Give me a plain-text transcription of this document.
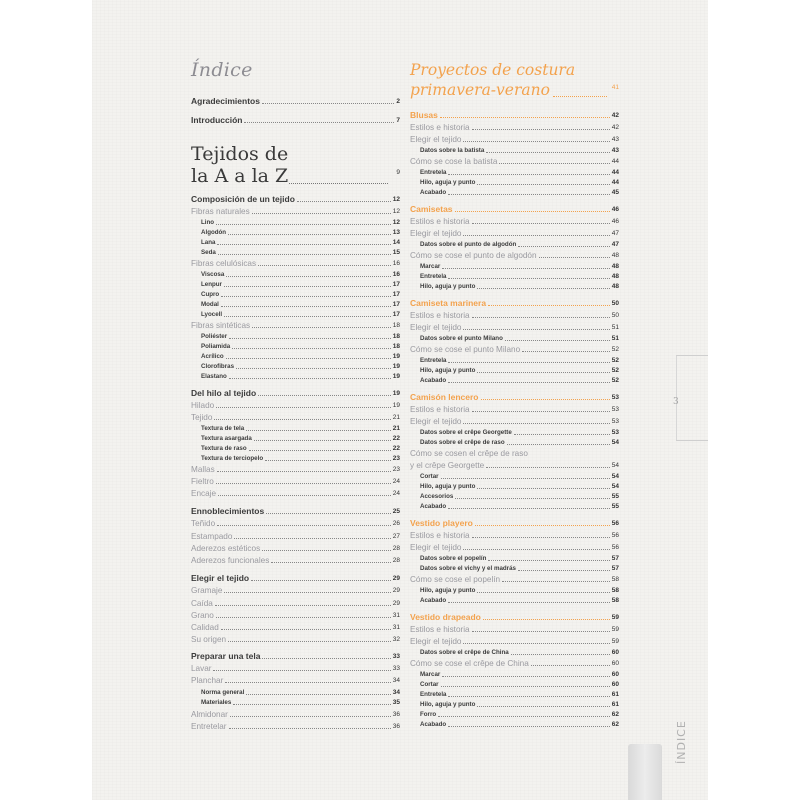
Índice
Tejidos de
la A a la Z	9
Proyectos de costura
primavera-verano	41
Agradecimientos	2
Introducción	7
Composición de un tejido	12
Fibras naturales	12
Lino	12
Algodón	13
Lana	14
Seda	15
Fibras celulósicas	16
Viscosa	16
Lenpur	17
Cupro	17
Modal	17
Lyocell	17
Fibras sintéticas	18
Poliéster	18
Poliamida	18
Acrílico	19
Clorofibras	19
Elastano	19
Del hilo al tejido	19
Hilado	19
Tejido	21
Textura de tela	21
Textura asargada	22
Textura de raso	22
Textura de terciopelo	23
Mallas	23
Fieltro	24
Encaje	24
Ennoblecimientos	25
Teñido	26
Estampado	27
Aderezos estéticos	28
Aderezos funcionales	28
Elegir el tejido	29
Gramaje	29
Caída	29
Grano	31
Calidad	31
Su origen	32
Preparar una tela	33
Lavar	33
Planchar	34
Norma general	34
Materiales	35
Almidonar	36
Entretelar	36
Blusas	42
Estilos e historia	42
Elegir el tejido	43
Datos sobre la batista	43
Cómo se cose la batista	44
Entretela	44
Hilo, aguja y punto	44
Acabado	45
Camisetas	46
Estilos e historia	46
Elegir el tejido	47
Datos sobre el punto de algodón	47
Cómo se cose el punto de algodón	48
Marcar	48
Entretela	48
Hilo, aguja y punto	48
Camiseta marinera	50
Estilos e historia	50
Elegir el tejido	51
Datos sobre el punto Milano	51
Cómo se cose el punto Milano	52
Entretela	52
Hilo, aguja y punto	52
Acabado	52
Camisón lencero	53
Estilos e historia	53
Elegir el tejido	53
Datos sobre el crêpe Georgette	53
Datos sobre el crêpe de raso	54
Cómo se cosen el crêpe de raso
y el crêpe Georgette	54
Cortar	54
Hilo, aguja y punto	54
Accesorios	55
Acabado	55
Vestido playero	56
Estilos e historia	56
Elegir el tejido	56
Datos sobre el popelín	57
Datos sobre el vichy y el madrás	57
Cómo se cose el popelín	58
Hilo, aguja y punto	58
Acabado	58
Vestido drapeado	59
Estilos e historia	59
Elegir el tejido	59
Datos sobre el crêpe de China	60
Cómo se cose el crêpe de China	60
Marcar	60
Cortar	60
Entretela	61
Hilo, aguja y punto	61
Forro	62
Acabado	62
3
ÍNDICE
